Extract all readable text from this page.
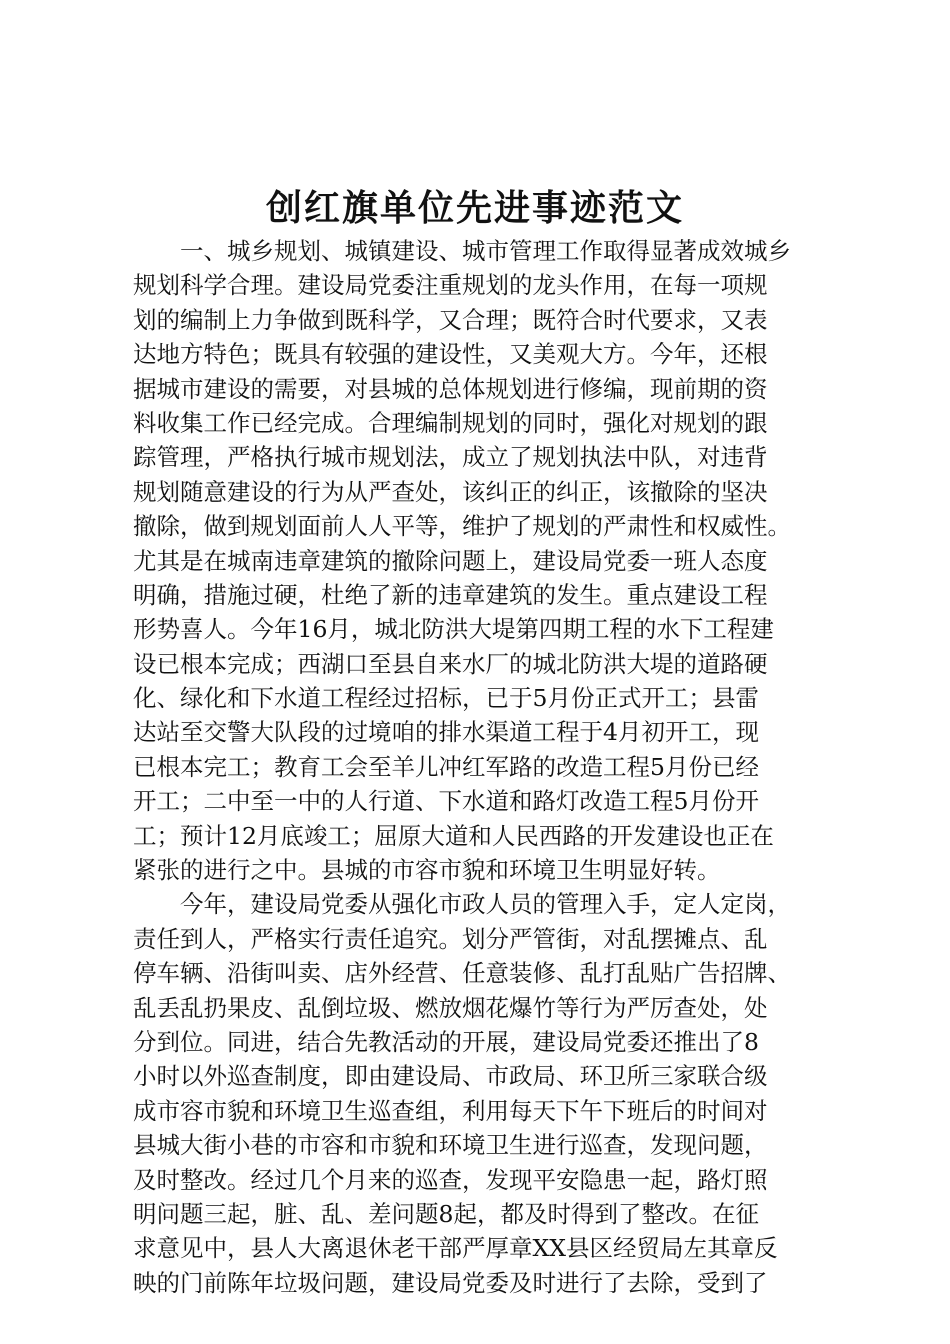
创红旗单位先进事迹范文
一、城乡规划、城镇建设、城市管理工作取得显著成效城乡
规划科学合理。建设局党委注重规划的龙头作用，在每一项规
划的编制上力争做到既科学，又合理；既符合时代要求，又表
达地方特色；既具有较强的建设性，又美观大方。今年，还根
据城市建设的需要，对县城的总体规划进行修编，现前期的资
料收集工作已经完成。合理编制规划的同时，强化对规划的跟
踪管理，严格执行城市规划法，成立了规划执法中队，对违背
规划随意建设的行为从严查处，该纠正的纠正，该撤除的坚决
撤除，做到规划面前人人平等，维护了规划的严肃性和权威性。
尤其是在城南违章建筑的撤除问题上，建设局党委一班人态度
明确，措施过硬，杜绝了新的违章建筑的发生。重点建设工程
形势喜人。今年16月，城北防洪大堤第四期工程的水下工程建
设已根本完成；西湖口至县自来水厂的城北防洪大堤的道路硬
化、绿化和下水道工程经过招标，已于5月份正式开工；县雷
达站至交警大队段的过境咱的排水渠道工程于4月初开工，现
已根本完工；教育工会至羊儿冲红军路的改造工程5月份已经
开工；二中至一中的人行道、下水道和路灯改造工程5月份开
工；预计12月底竣工；屈原大道和人民西路的开发建设也正在
紧张的进行之中。县城的市容市貌和环境卫生明显好转。
今年，建设局党委从强化市政人员的管理入手，定人定岗，
责任到人，严格实行责任追究。划分严管街，对乱摆摊点、乱
停车辆、沿街叫卖、店外经营、任意装修、乱打乱贴广告招牌、
乱丢乱扔果皮、乱倒垃圾、燃放烟花爆竹等行为严厉查处，处
分到位。同进，结合先教活动的开展，建设局党委还推出了8
小时以外巡查制度，即由建设局、市政局、环卫所三家联合级
成市容市貌和环境卫生巡查组，利用每天下午下班后的时间对
县城大街小巷的市容和市貌和环境卫生进行巡查，发现问题，
及时整改。经过几个月来的巡查，发现平安隐患一起，路灯照
明问题三起，脏、乱、差问题8起，都及时得到了整改。在征
求意见中，县人大离退休老干部严厚章XX县区经贸局左其章反
映的门前陈年垃圾问题，建设局党委及时进行了去除，受到了
